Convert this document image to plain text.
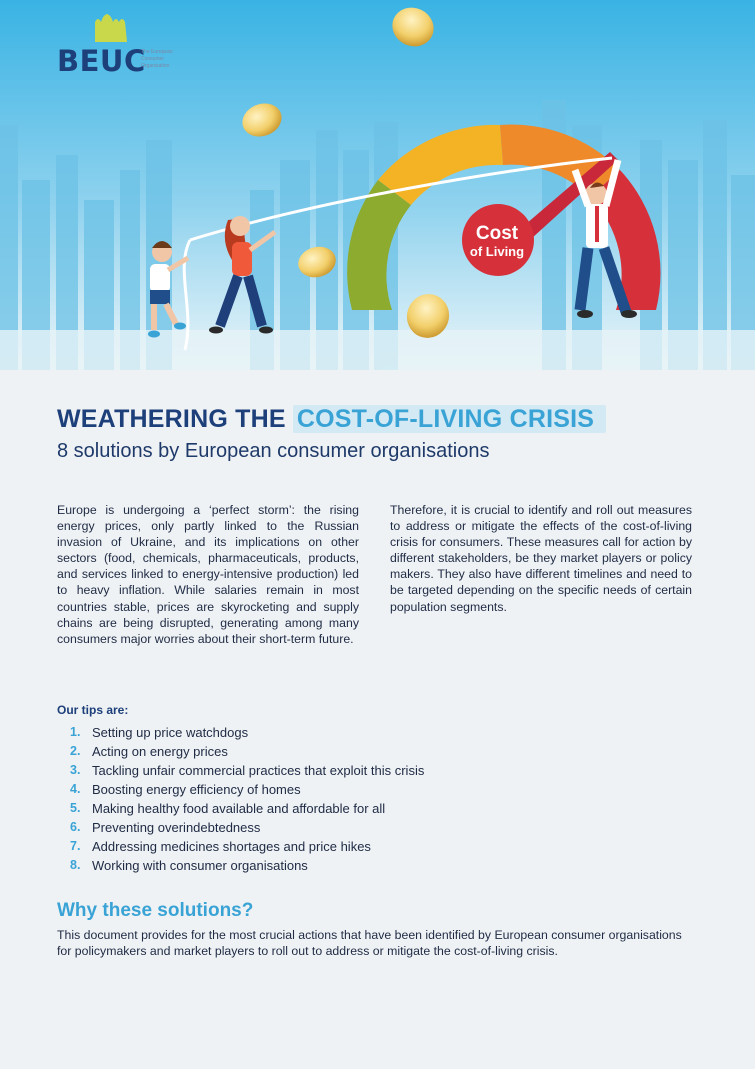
BEUC
The European Consumer Organisation
Cost
of Living
WEATHERING THE COST-OF-LIVING CRISIS
8 solutions by European consumer organisations

Europe is undergoing a ‘perfect storm’: the rising energy prices, only partly linked to the Russian invasion of Ukraine, and its implications on other sectors (food, chemicals, pharmaceuticals, products, and services linked to energy-intensive production) led to heavy inflation. While salaries remain in most countries stable, prices are skyrocketing and supply chains are being disrupted, generating among many consumers major worries about their short-term future.

Therefore, it is crucial to identify and roll out measures to address or mitigate the effects of the cost-of-living crisis for consumers. These measures call for action by different stakeholders, be they market players or policy makers. They also have different timelines and need to be targeted depending on the specific needs of certain population segments.

Our tips are:
1. Setting up price watchdogs
2. Acting on energy prices
3. Tackling unfair commercial practices that exploit this crisis
4. Boosting energy efficiency of homes
5. Making healthy food available and affordable for all
6. Preventing overindebtedness
7. Addressing medicines shortages and price hikes
8. Working with consumer organisations
Why these solutions?

This document provides for the most crucial actions that have been identified by European consumer organisations for policymakers and market players to roll out to address or mitigate the cost-of-living crisis.
